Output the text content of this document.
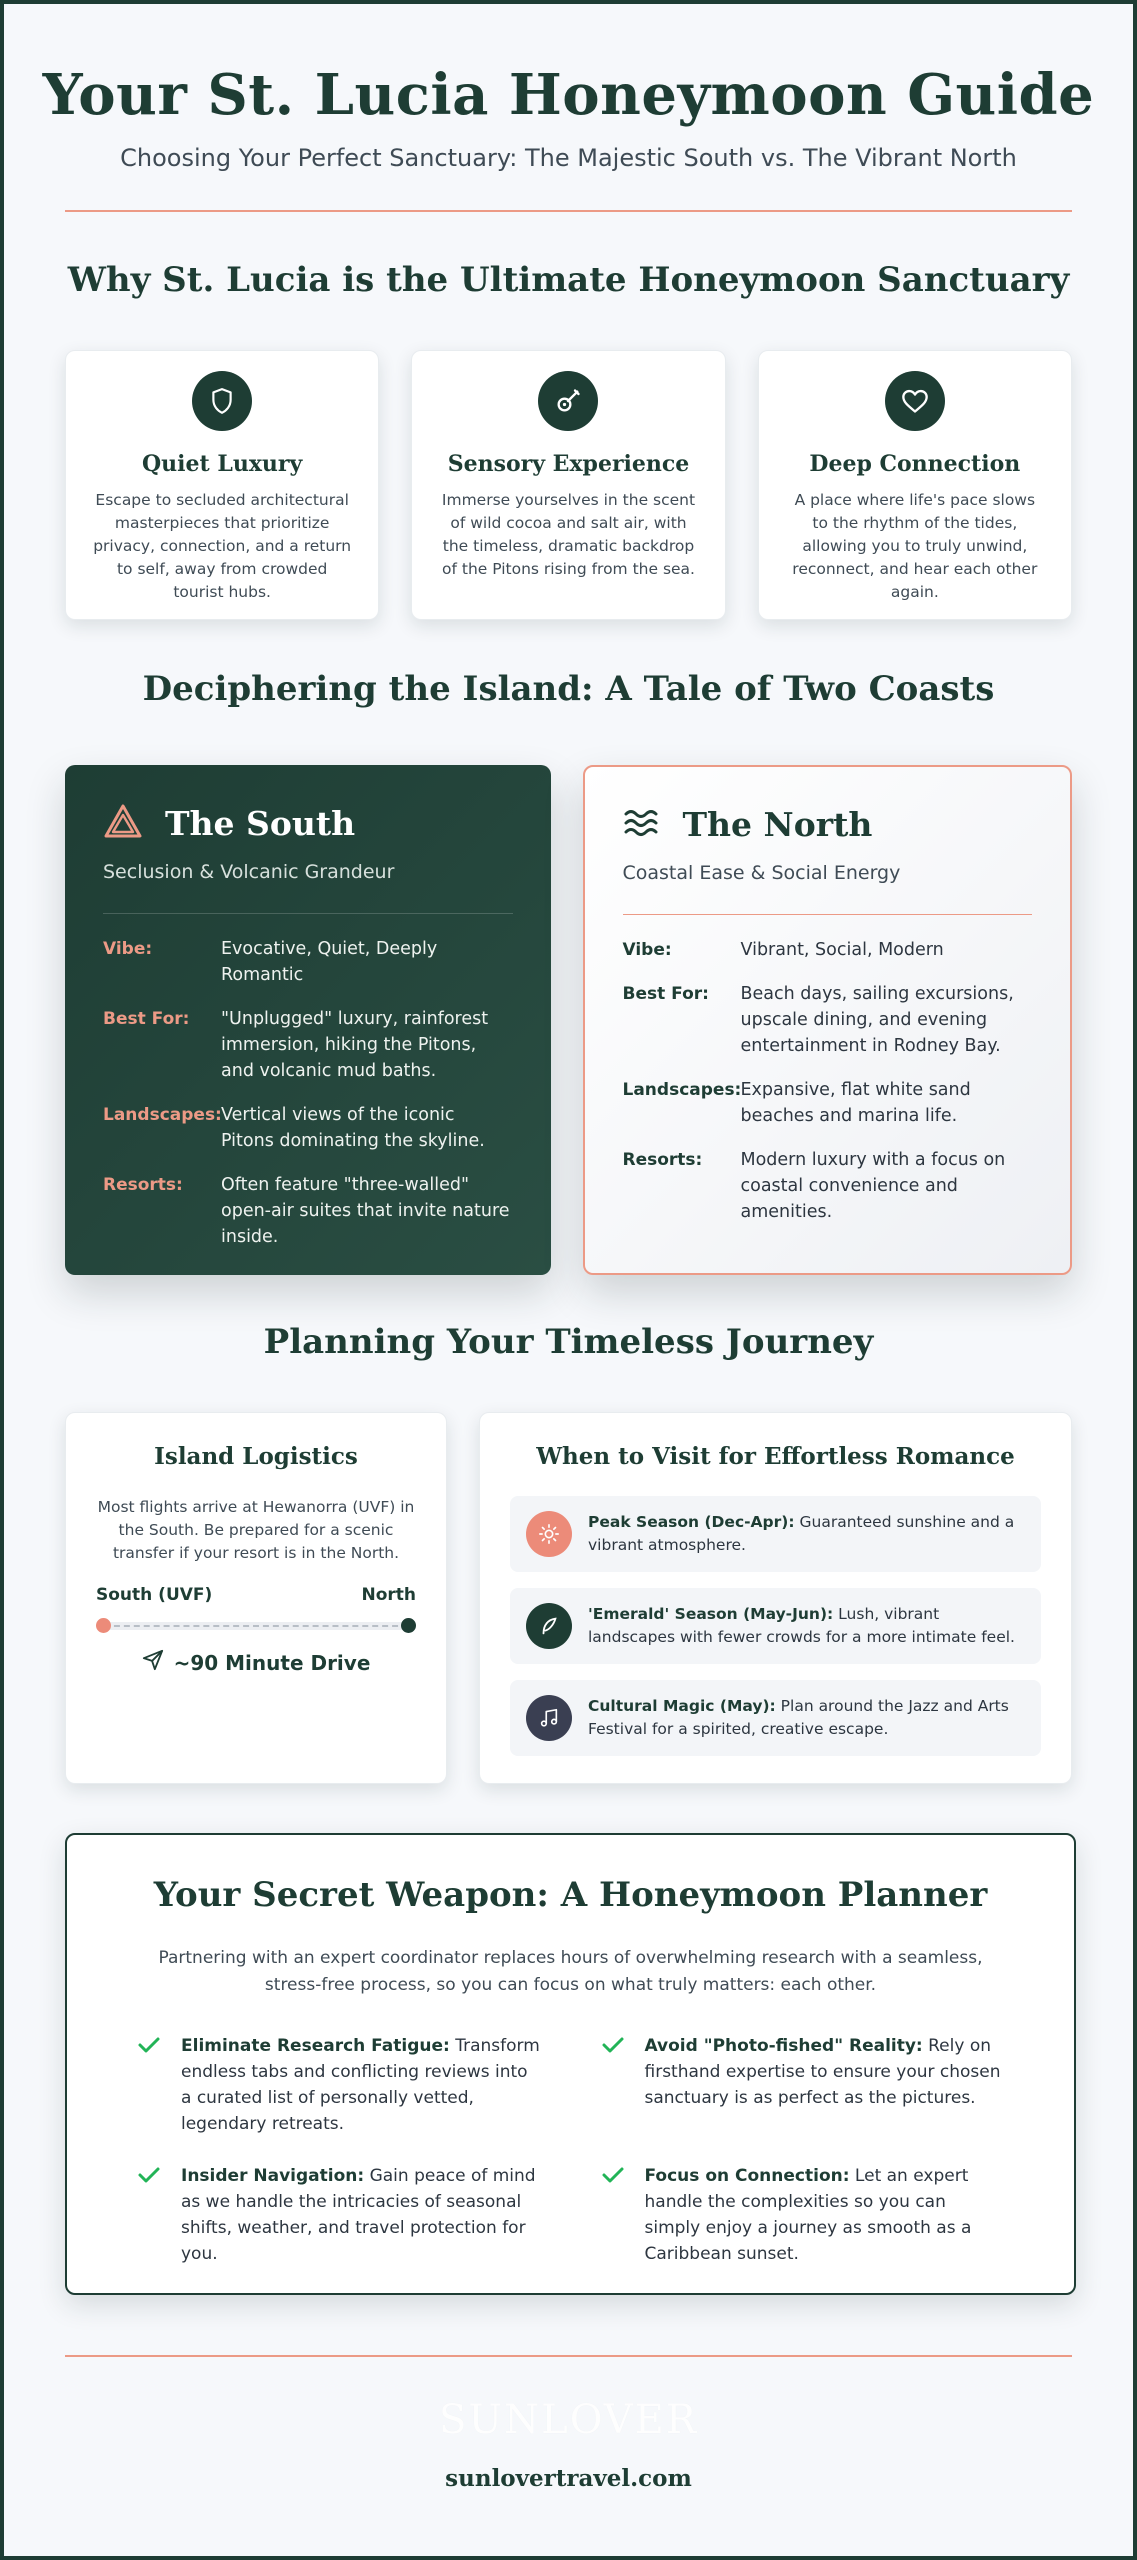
Your St. Lucia Honeymoon Guide
Choosing Your Perfect Sanctuary: The Majestic South vs. The Vibrant North
Why St. Lucia is the Ultimate Honeymoon Sanctuary
Quiet Luxury

Escape to secluded architectural masterpieces that prioritize privacy, connection, and a return to self, away from crowded tourist hubs.

Sensory Experience

Immerse yourselves in the scent of wild cocoa and salt air, with the timeless, dramatic backdrop of the Pitons rising from the sea.

Deep Connection

A place where life's pace slows to the rhythm of the tides, allowing you to truly unwind, reconnect, and hear each other again.

Deciphering the Island: A Tale of Two Coasts
The South
Seclusion & Volcanic Grandeur
Vibe:	Evocative, Quiet, Deeply Romantic
Best For:	"Unplugged" luxury, rainforest immersion, hiking the Pitons, and volcanic mud baths.
Landscapes: Vertical views of the iconic Pitons dominating the skyline.
Resorts:	Often feature "three-walled" open-air suites that invite nature inside.
The North
Coastal Ease & Social Energy
Vibe:	Vibrant, Social, Modern
Best For:	Beach days, sailing excursions, upscale dining, and evening entertainment in Rodney Bay.
Landscapes: Expansive, flat white sand beaches and marina life.
Resorts:	Modern luxury with a focus on coastal convenience and amenities.
Planning Your Timeless Journey
Island Logistics

Most flights arrive at Hewanorra (UVF) in the South. Be prepared for a scenic transfer if your resort is in the North.

South (UVF)	North
~90 Minute Drive
When to Visit for Effortless Romance
Peak Season (Dec-Apr): Guaranteed sunshine and a vibrant atmosphere.
'Emerald' Season (May-Jun): Lush, vibrant landscapes with fewer crowds for a more intimate feel.
Cultural Magic (May): Plan around the Jazz and Arts Festival for a spirited, creative escape.
Your Secret Weapon: A Honeymoon Planner
Partnering with an expert coordinator replaces hours of overwhelming research with a seamless, stress-free process, so you can focus on what truly matters: each other.
Eliminate Research Fatigue: Transform endless tabs and conflicting reviews into a curated list of personally vetted, legendary retreats.
Avoid "Photo-fished" Reality: Rely on firsthand expertise to ensure your chosen sanctuary is as perfect as the pictures.
Insider Navigation: Gain peace of mind as we handle the intricacies of seasonal shifts, weather, and travel protection for you.
Focus on Connection: Let an expert handle the complexities so you can simply enjoy a journey as smooth as a Caribbean sunset.
SUNLOVER
sunlovertravel.com
